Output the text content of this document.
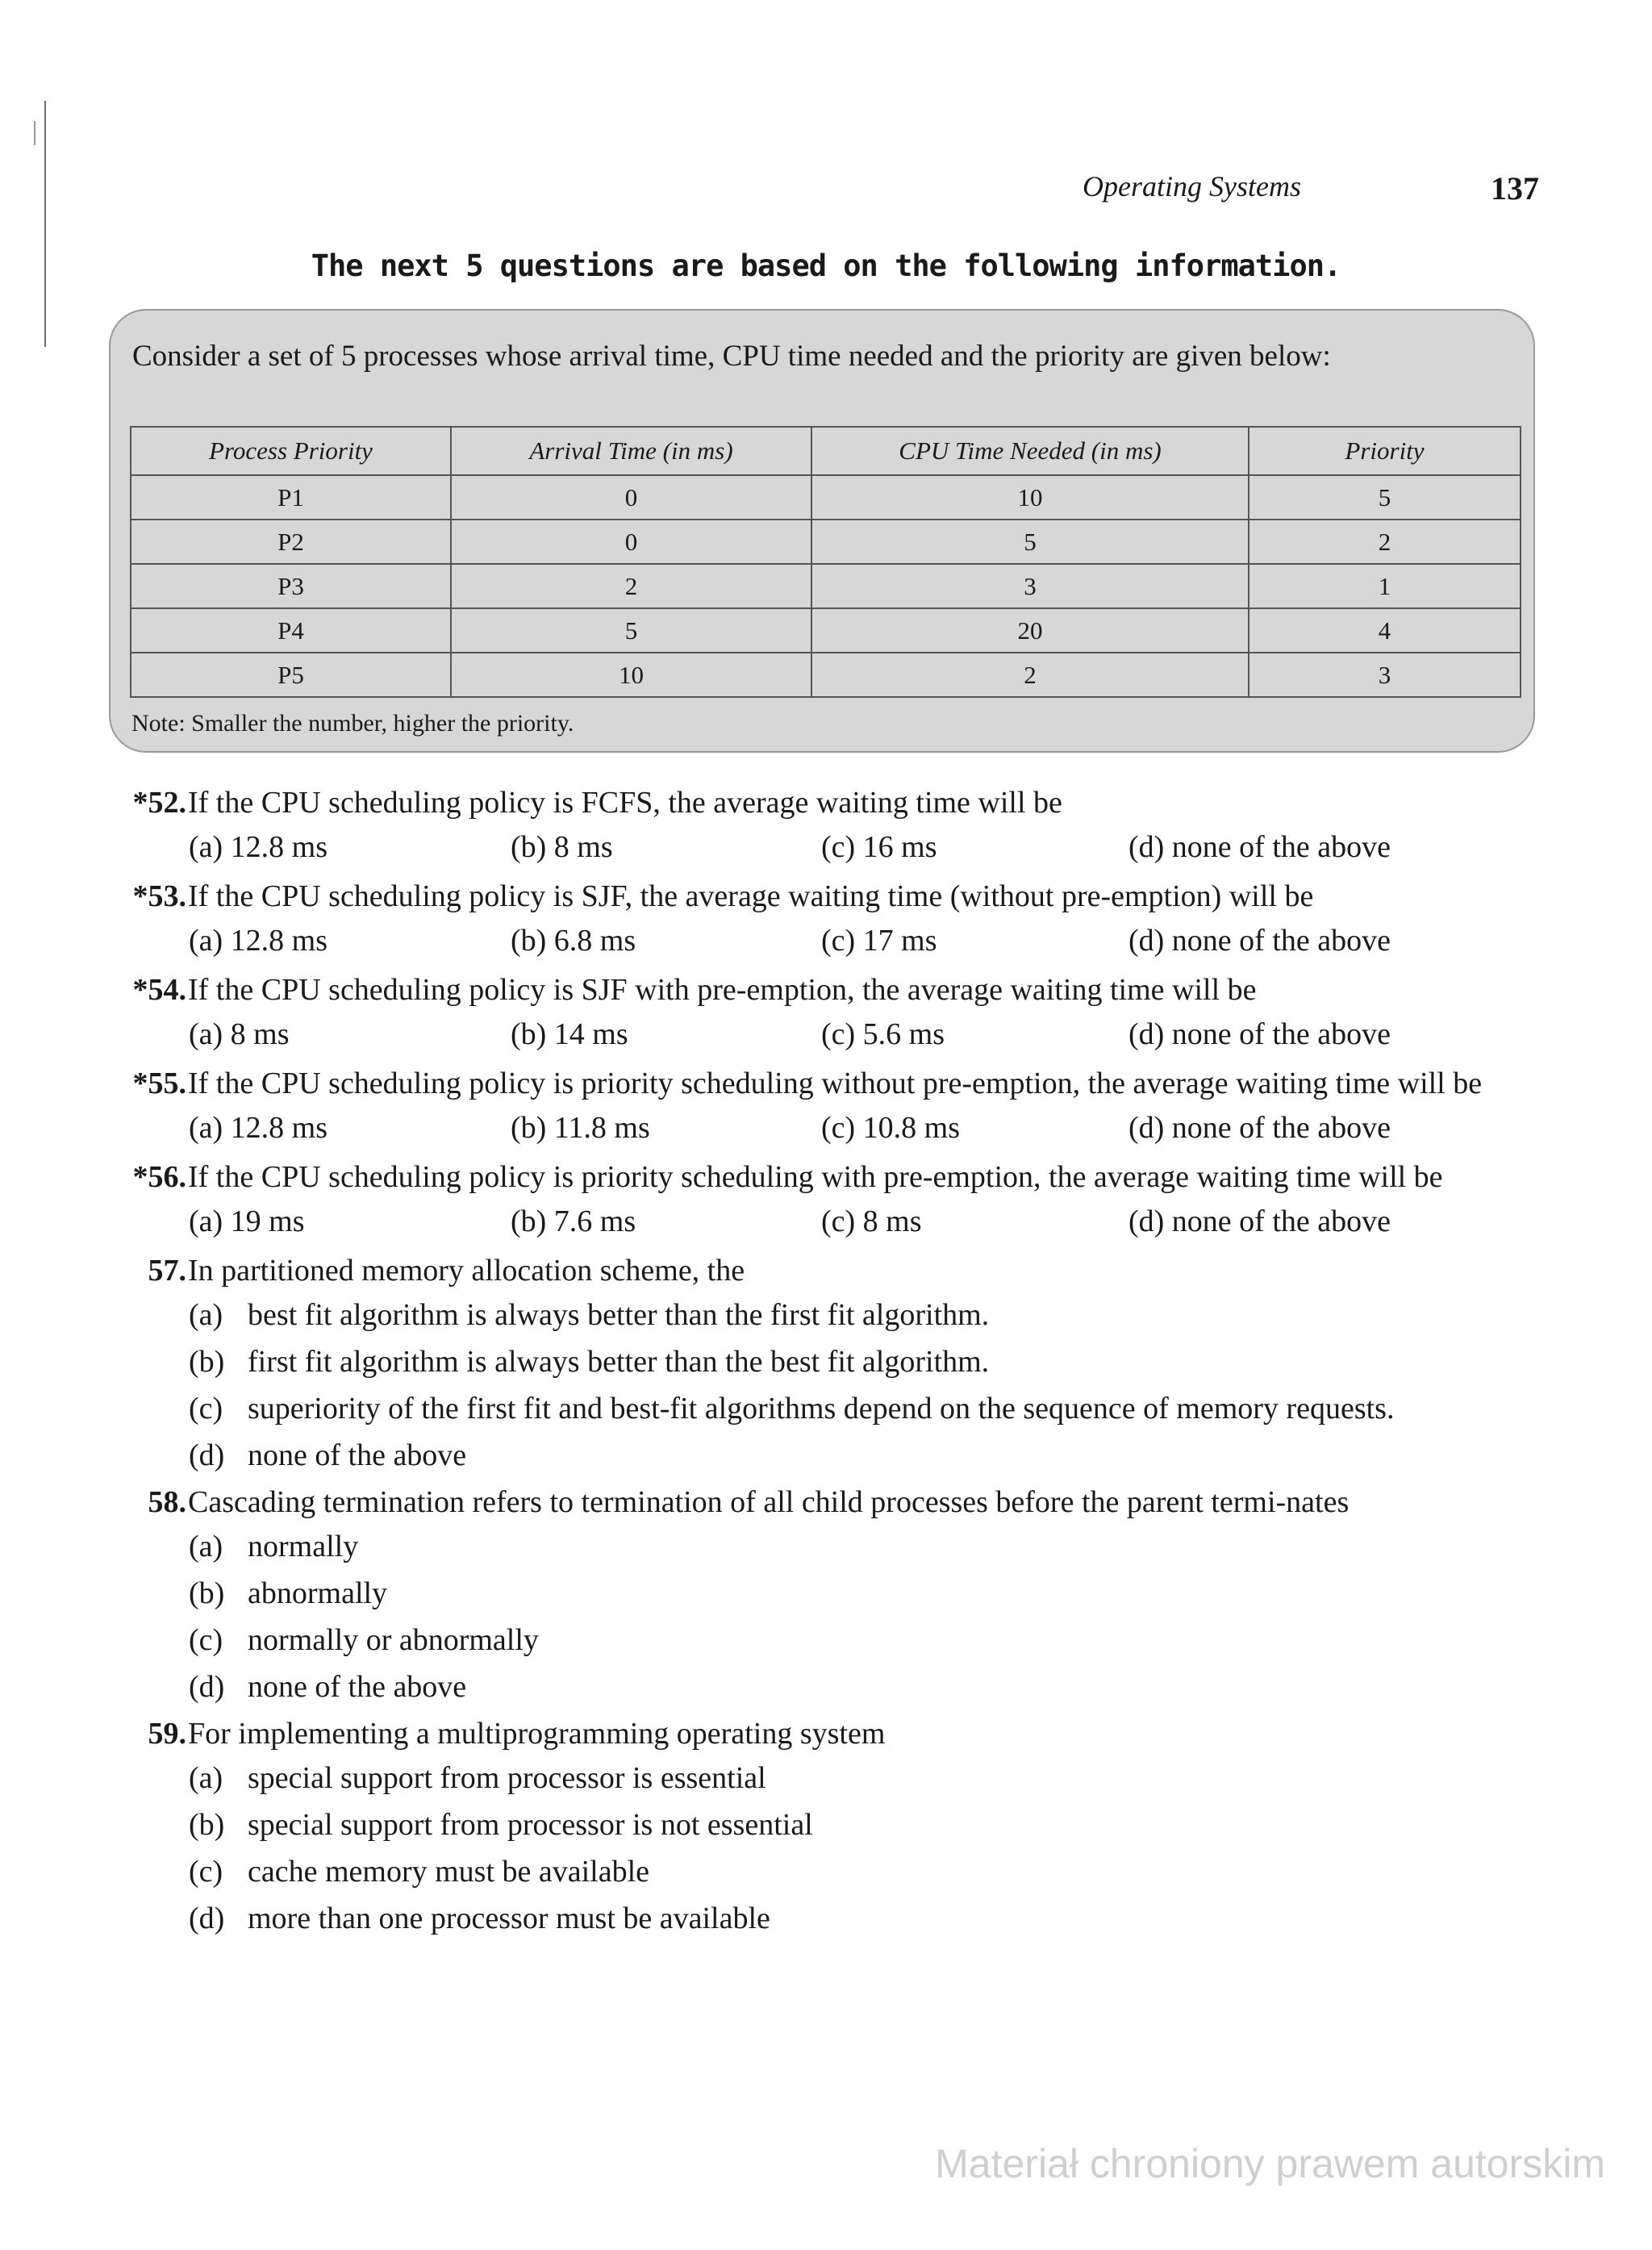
Operating Systems	137
The next 5 questions are based on the following information.
Consider a set of 5 processes whose arrival time, CPU time needed and the priority are given below:
Process Priority	Arrival Time (in ms)	CPU Time Needed (in ms)	Priority
P1	0	10	5
P2	0	5	2
P3	2	3	1
P4	5	20	4
P5	10	2	3
Note: Smaller the number, higher the priority.
*52. If the CPU scheduling policy is FCFS, the average waiting time will be
(a) 12.8 ms	(b) 8 ms	(c) 16 ms	(d) none of the above
*53. If the CPU scheduling policy is SJF, the average waiting time (without pre-emption) will be
(a) 12.8 ms	(b) 6.8 ms	(c) 17 ms	(d) none of the above
*54. If the CPU scheduling policy is SJF with pre-emption, the average waiting time will be
(a) 8 ms	(b) 14 ms	(c) 5.6 ms	(d) none of the above
*55. If the CPU scheduling policy is priority scheduling without pre-emption, the average waiting time will be
(a) 12.8 ms	(b) 11.8 ms	(c) 10.8 ms	(d) none of the above
*56. If the CPU scheduling policy is priority scheduling with pre-emption, the average waiting time will be
(a) 19 ms	(b) 7.6 ms	(c) 8 ms	(d) none of the above
57. In partitioned memory allocation scheme, the
(a) best fit algorithm is always better than the first fit algorithm.
(b) first fit algorithm is always better than the best fit algorithm.
(c) superiority of the first fit and best-fit algorithms depend on the sequence of memory requests.
(d) none of the above
58. Cascading termination refers to termination of all child processes before the parent termi-nates
(a) normally
(b) abnormally
(c) normally or abnormally
(d) none of the above
59. For implementing a multiprogramming operating system
(a) special support from processor is essential
(b) special support from processor is not essential
(c) cache memory must be available
(d) more than one processor must be available
Materiał chroniony prawem autorskim
